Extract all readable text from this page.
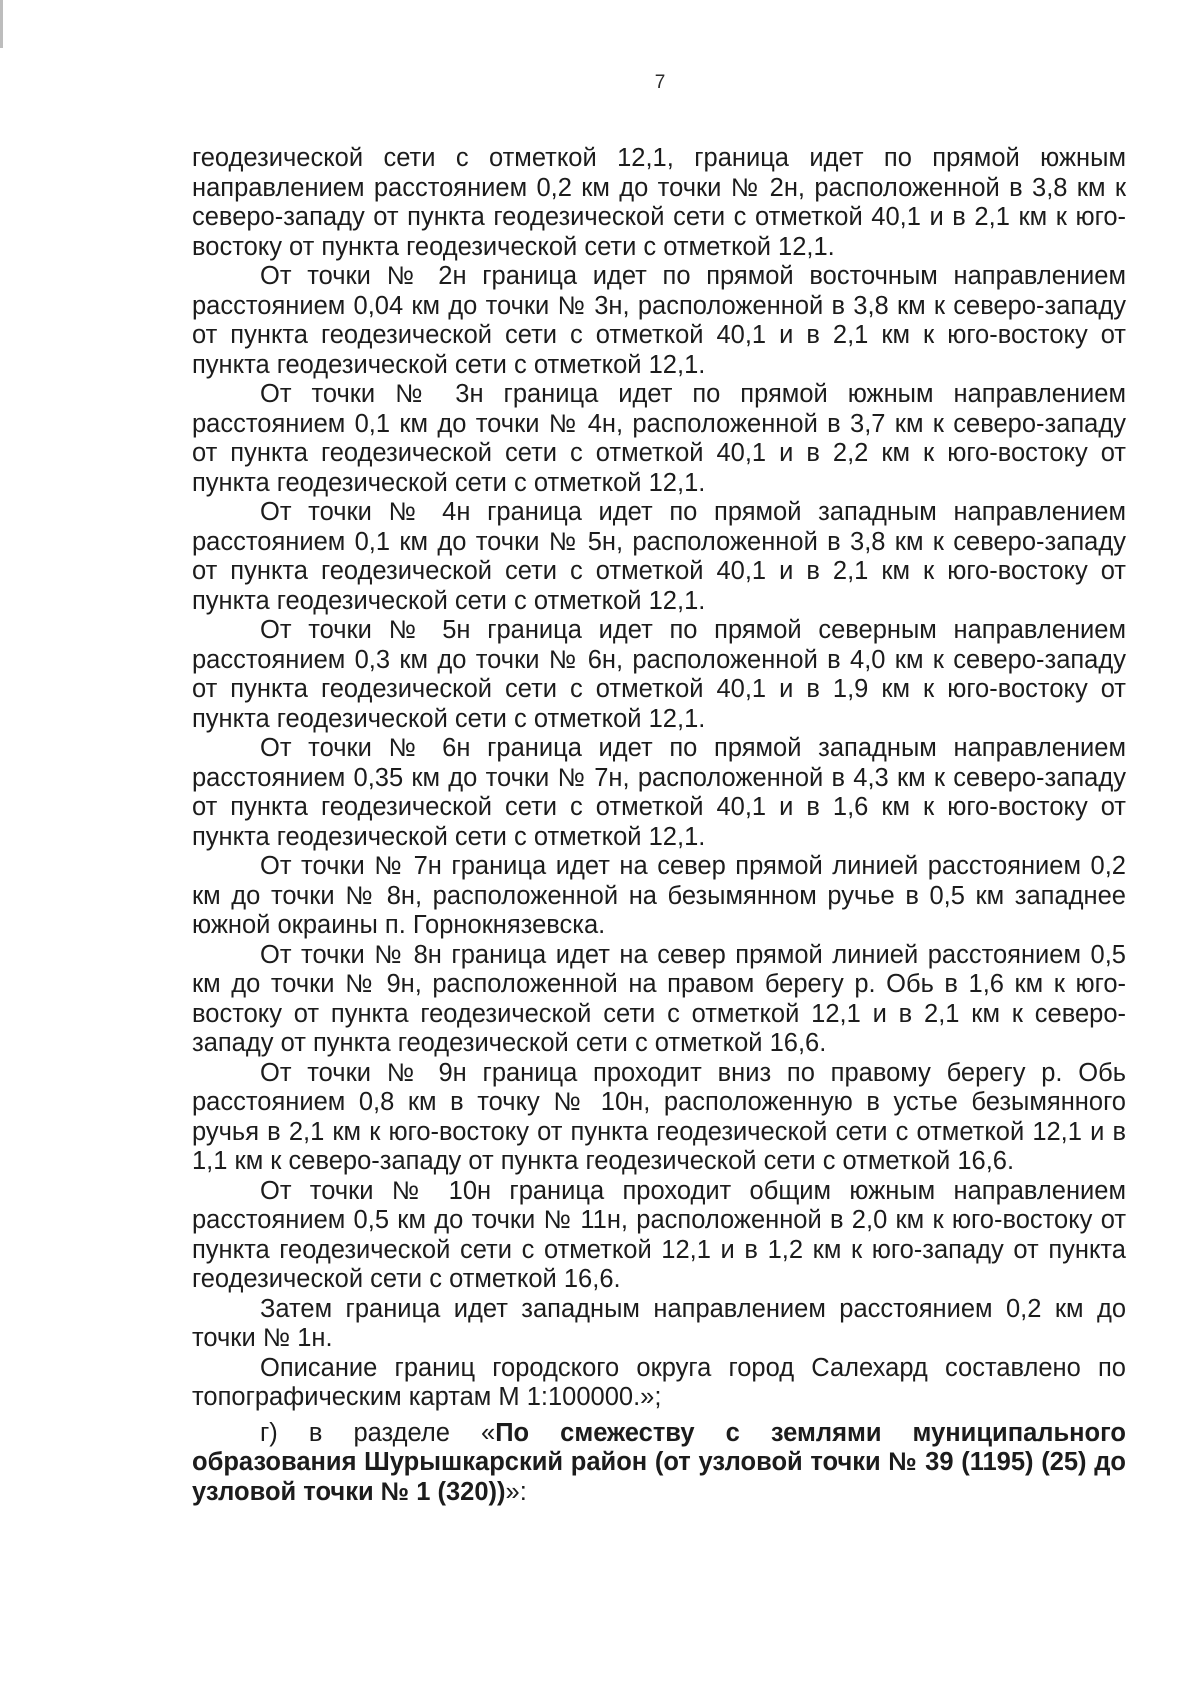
7

геодезической сети с отметкой 12,1, граница идет по прямой южным направлением расстоянием 0,2 км до точки № 2н, расположенной в 3,8 км к северо-западу от пункта геодезической сети с отметкой 40,1 и в 2,1 км к юго-востоку от пункта геодезической сети с отметкой 12,1.

От точки № 2н граница идет по прямой восточным направлением расстоянием 0,04 км до точки № 3н, расположенной в 3,8 км к северо-западу от пункта геодезической сети с отметкой 40,1 и в 2,1 км к юго-востоку от пункта геодезической сети с отметкой 12,1.

От точки № 3н граница идет по прямой южным направлением расстоянием 0,1 км до точки № 4н, расположенной в 3,7 км к северо-западу от пункта геодезической сети с отметкой 40,1 и в 2,2 км к юго-востоку от пункта геодезической сети с отметкой 12,1.

От точки № 4н граница идет по прямой западным направлением расстоянием 0,1 км до точки № 5н, расположенной в 3,8 км к северо-западу от пункта геодезической сети с отметкой 40,1 и в 2,1 км к юго-востоку от пункта геодезической сети с отметкой 12,1.

От точки № 5н граница идет по прямой северным направлением расстоянием 0,3 км до точки № 6н, расположенной в 4,0 км к северо-западу от пункта геодезической сети с отметкой 40,1 и в 1,9 км к юго-востоку от пункта геодезической сети с отметкой 12,1.

От точки № 6н граница идет по прямой западным направлением расстоянием 0,35 км до точки № 7н, расположенной в 4,3 км к северо-западу от пункта геодезической сети с отметкой 40,1 и в 1,6 км к юго-востоку от пункта геодезической сети с отметкой 12,1.

От точки № 7н граница идет на север прямой линией расстоянием 0,2 км до точки № 8н, расположенной на безымянном ручье в 0,5 км западнее южной окраины п. Горнокнязевска.

От точки № 8н граница идет на север прямой линией расстоянием 0,5 км до точки № 9н, расположенной на правом берегу р. Обь в 1,6 км к юго-востоку от пункта геодезической сети с отметкой 12,1 и в 2,1 км к северо-западу от пункта геодезической сети с отметкой 16,6.

От точки № 9н граница проходит вниз по правому берегу р. Обь расстоянием 0,8 км в точку № 10н, расположенную в устье безымянного ручья в 2,1 км к юго-востоку от пункта геодезической сети с отметкой 12,1 и в 1,1 км к северо-западу от пункта геодезической сети с отметкой 16,6.

От точки № 10н граница проходит общим южным направлением расстоянием 0,5 км до точки № 11н, расположенной в 2,0 км к юго-востоку от пункта геодезической сети с отметкой 12,1 и в 1,2 км к юго-западу от пункта геодезической сети с отметкой 16,6.

Затем граница идет западным направлением расстоянием 0,2 км до точки № 1н.

Описание границ городского округа город Салехард составлено по топографическим картам М 1:100000.»;

г) в разделе «По смежеству с землями муниципального образования Шурышкарский район (от узловой точки № 39 (1195) (25) до узловой точки № 1 (320))»:
